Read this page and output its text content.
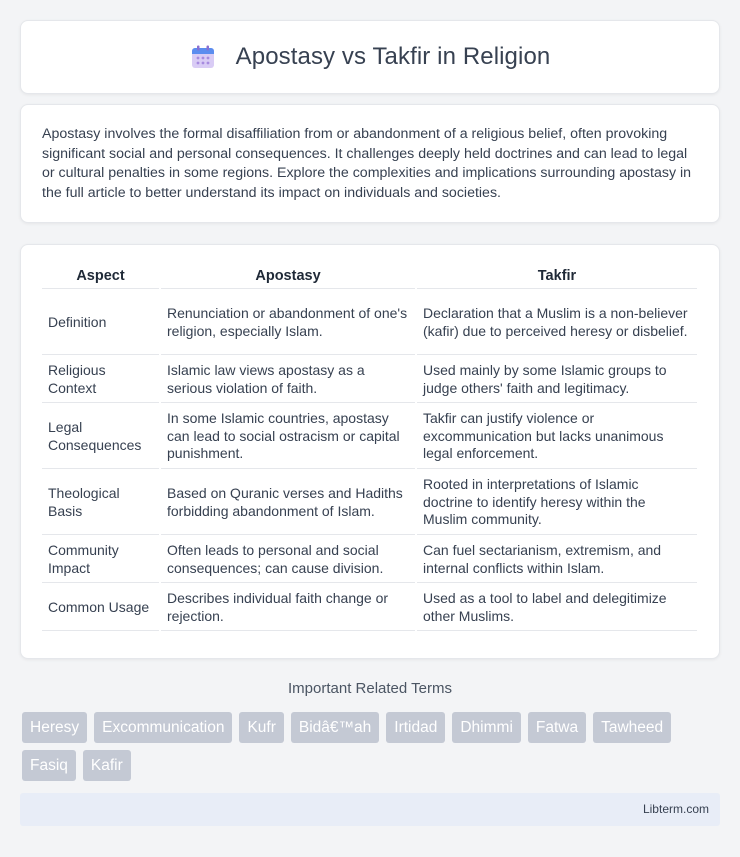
Apostasy vs Takfir in Religion

Apostasy involves the formal disaffiliation from or abandonment of a religious belief, often provoking significant social and personal consequences. It challenges deeply held doctrines and can lead to legal or cultural penalties in some regions. Explore the complexities and implications surrounding apostasy in the full article to better understand its impact on individuals and societies.

Aspect	Apostasy	Takfir
Definition	Renunciation or abandonment of one's religion, especially Islam.	Declaration that a Muslim is a non-believer (kafir) due to perceived heresy or disbelief.
Religious Context	Islamic law views apostasy as a serious violation of faith.	Used mainly by some Islamic groups to judge others' faith and legitimacy.
Legal Consequences	In some Islamic countries, apostasy can lead to social ostracism or capital punishment.	Takfir can justify violence or excommunication but lacks unanimous legal enforcement.
Theological Basis	Based on Quranic verses and Hadiths forbidding abandonment of Islam.	Rooted in interpretations of Islamic doctrine to identify heresy within the Muslim community.
Community Impact	Often leads to personal and social consequences; can cause division.	Can fuel sectarianism, extremism, and internal conflicts within Islam.
Common Usage	Describes individual faith change or rejection.	Used as a tool to label and delegitimize other Muslims.
Important Related Terms
Heresy	Excommunication	Kufr	Bidâ€™ah	Irtidad	Dhimmi	Fatwa	Tawheed
Fasiq	Kafir
Libterm.com
